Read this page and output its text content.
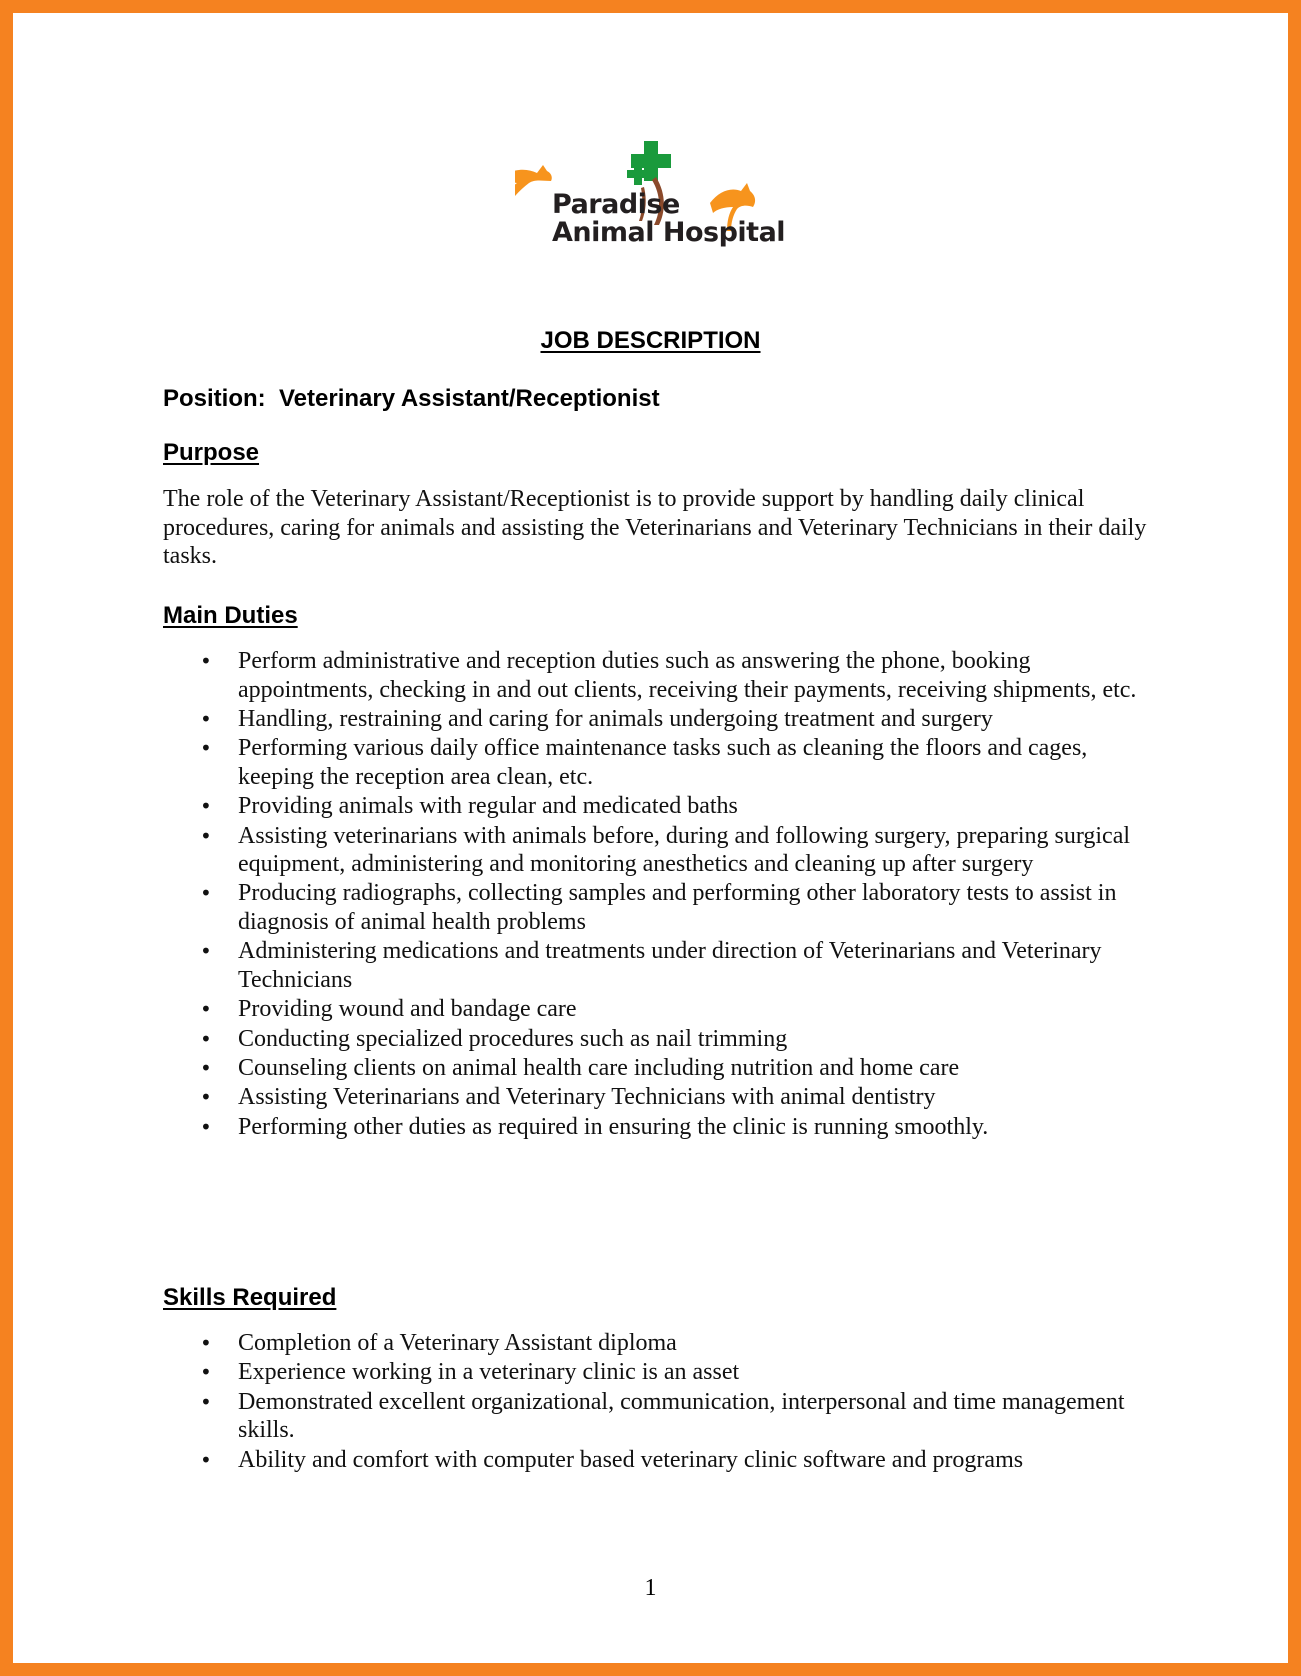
Paradise
Animal Hospital
JOB DESCRIPTION
Position:  Veterinary Assistant/Receptionist
Purpose
The role of the Veterinary Assistant/Receptionist is to provide support by handling daily clinical procedures, caring for animals and assisting the Veterinarians and Veterinary Technicians in their daily tasks.
Main Duties
• Perform administrative and reception duties such as answering the phone, booking appointments, checking in and out clients, receiving their payments, receiving shipments, etc.
• Handling, restraining and caring for animals undergoing treatment and surgery
• Performing various daily office maintenance tasks such as cleaning the floors and cages, keeping the reception area clean, etc.
• Providing animals with regular and medicated baths
• Assisting veterinarians with animals before, during and following surgery, preparing surgical equipment, administering and monitoring anesthetics and cleaning up after surgery
• Producing radiographs, collecting samples and performing other laboratory tests to assist in diagnosis of animal health problems
• Administering medications and treatments under direction of Veterinarians and Veterinary Technicians
• Providing wound and bandage care
• Conducting specialized procedures such as nail trimming
• Counseling clients on animal health care including nutrition and home care
• Assisting Veterinarians and Veterinary Technicians with animal dentistry
• Performing other duties as required in ensuring the clinic is running smoothly.
Skills Required
• Completion of a Veterinary Assistant diploma
• Experience working in a veterinary clinic is an asset
• Demonstrated excellent organizational, communication, interpersonal and time management skills.
• Ability and comfort with computer based veterinary clinic software and programs
1
